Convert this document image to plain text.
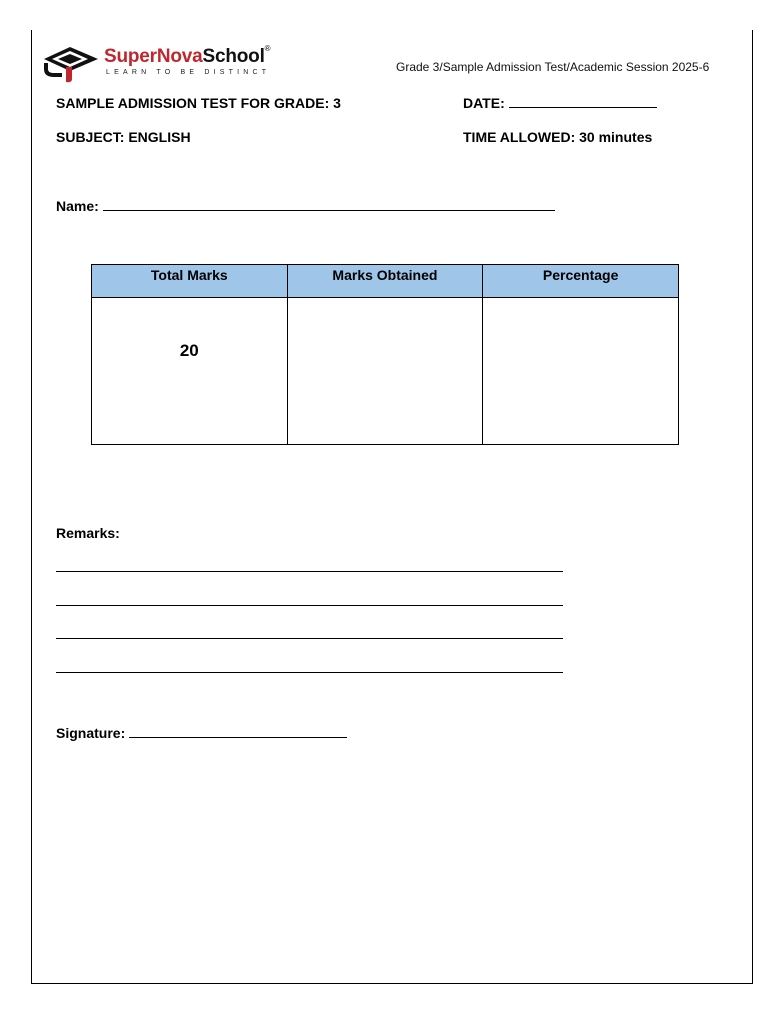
SuperNovaSchool®
LEARN TO BE DISTINCT	Grade 3/Sample Admission Test/Academic Session 2025-6
SAMPLE ADMISSION TEST FOR GRADE: 3	DATE:
SUBJECT: ENGLISH	TIME ALLOWED: 30 minutes
Name:
Total Marks	Marks Obtained	Percentage

20		

Remarks:
Signature:
